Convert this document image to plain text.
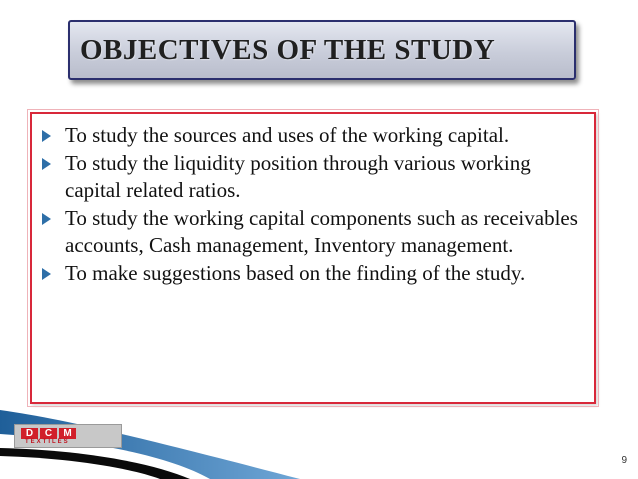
OBJECTIVES OF THE STUDY
To study the sources and uses of the working capital.
To study the liquidity position through various working capital related ratios.
To study the working capital components such as receivables accounts, Cash management, Inventory management.
To make suggestions based on the finding of the study.
D	C	M
TEXTILES
9
